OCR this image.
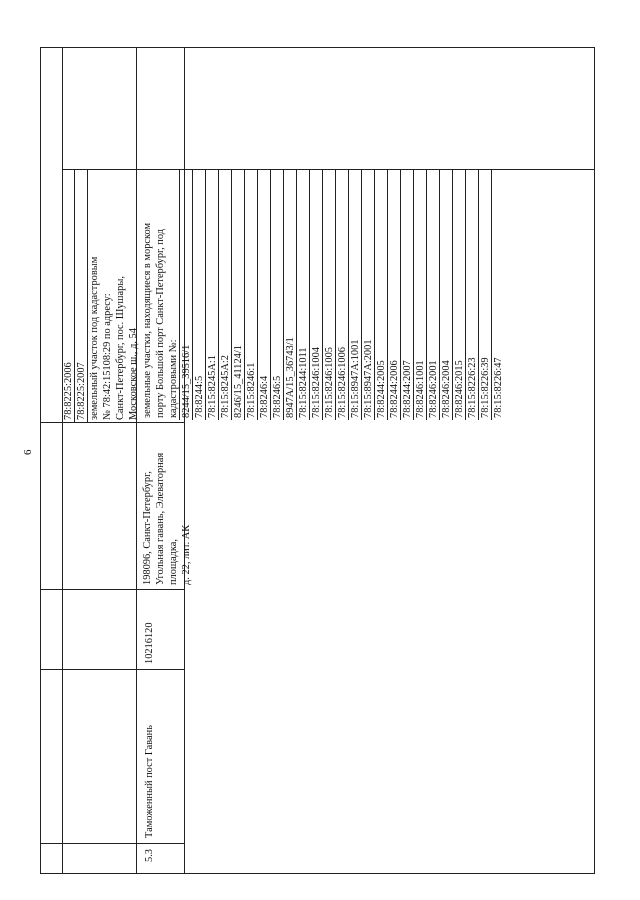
6
78:8225:2006 78:8225:2007 земельный участок под кадастровым № 78:42:15108:29 по адресу: Санкт-Петербург, пос. Шушары, Московское ш., д. 54
5.3
Таможенный пост Гавань
10216120
198096, Санкт-Петербург, Угольная гавань, Элеваторная площадка, д. 22, лит. АК
земельные участки, находящиеся в морском порту Большой порт Санкт-Петербург, под кадастровыми №: 8244/15_39516/1 78:8244:5 78:15:8245A:1 78:15:8245A:2 8246/15_41124/1 78:15:8246:1 78:8246:4 78:8246:5 8947A/15_36743/1 78:15:8244:1011 78:15:8246:1004 78:15:8246:1005 78:15:8246:1006 78:15:8947A:1001 78:15:8947A:2001 78:8244:2005 78:8244:2006 78:8244:2007 78:8246:1001 78:8246:2001 78:8246:2004 78:8246:2015 78:15:8226:23 78:15:8226:39 78:15:8226:47
